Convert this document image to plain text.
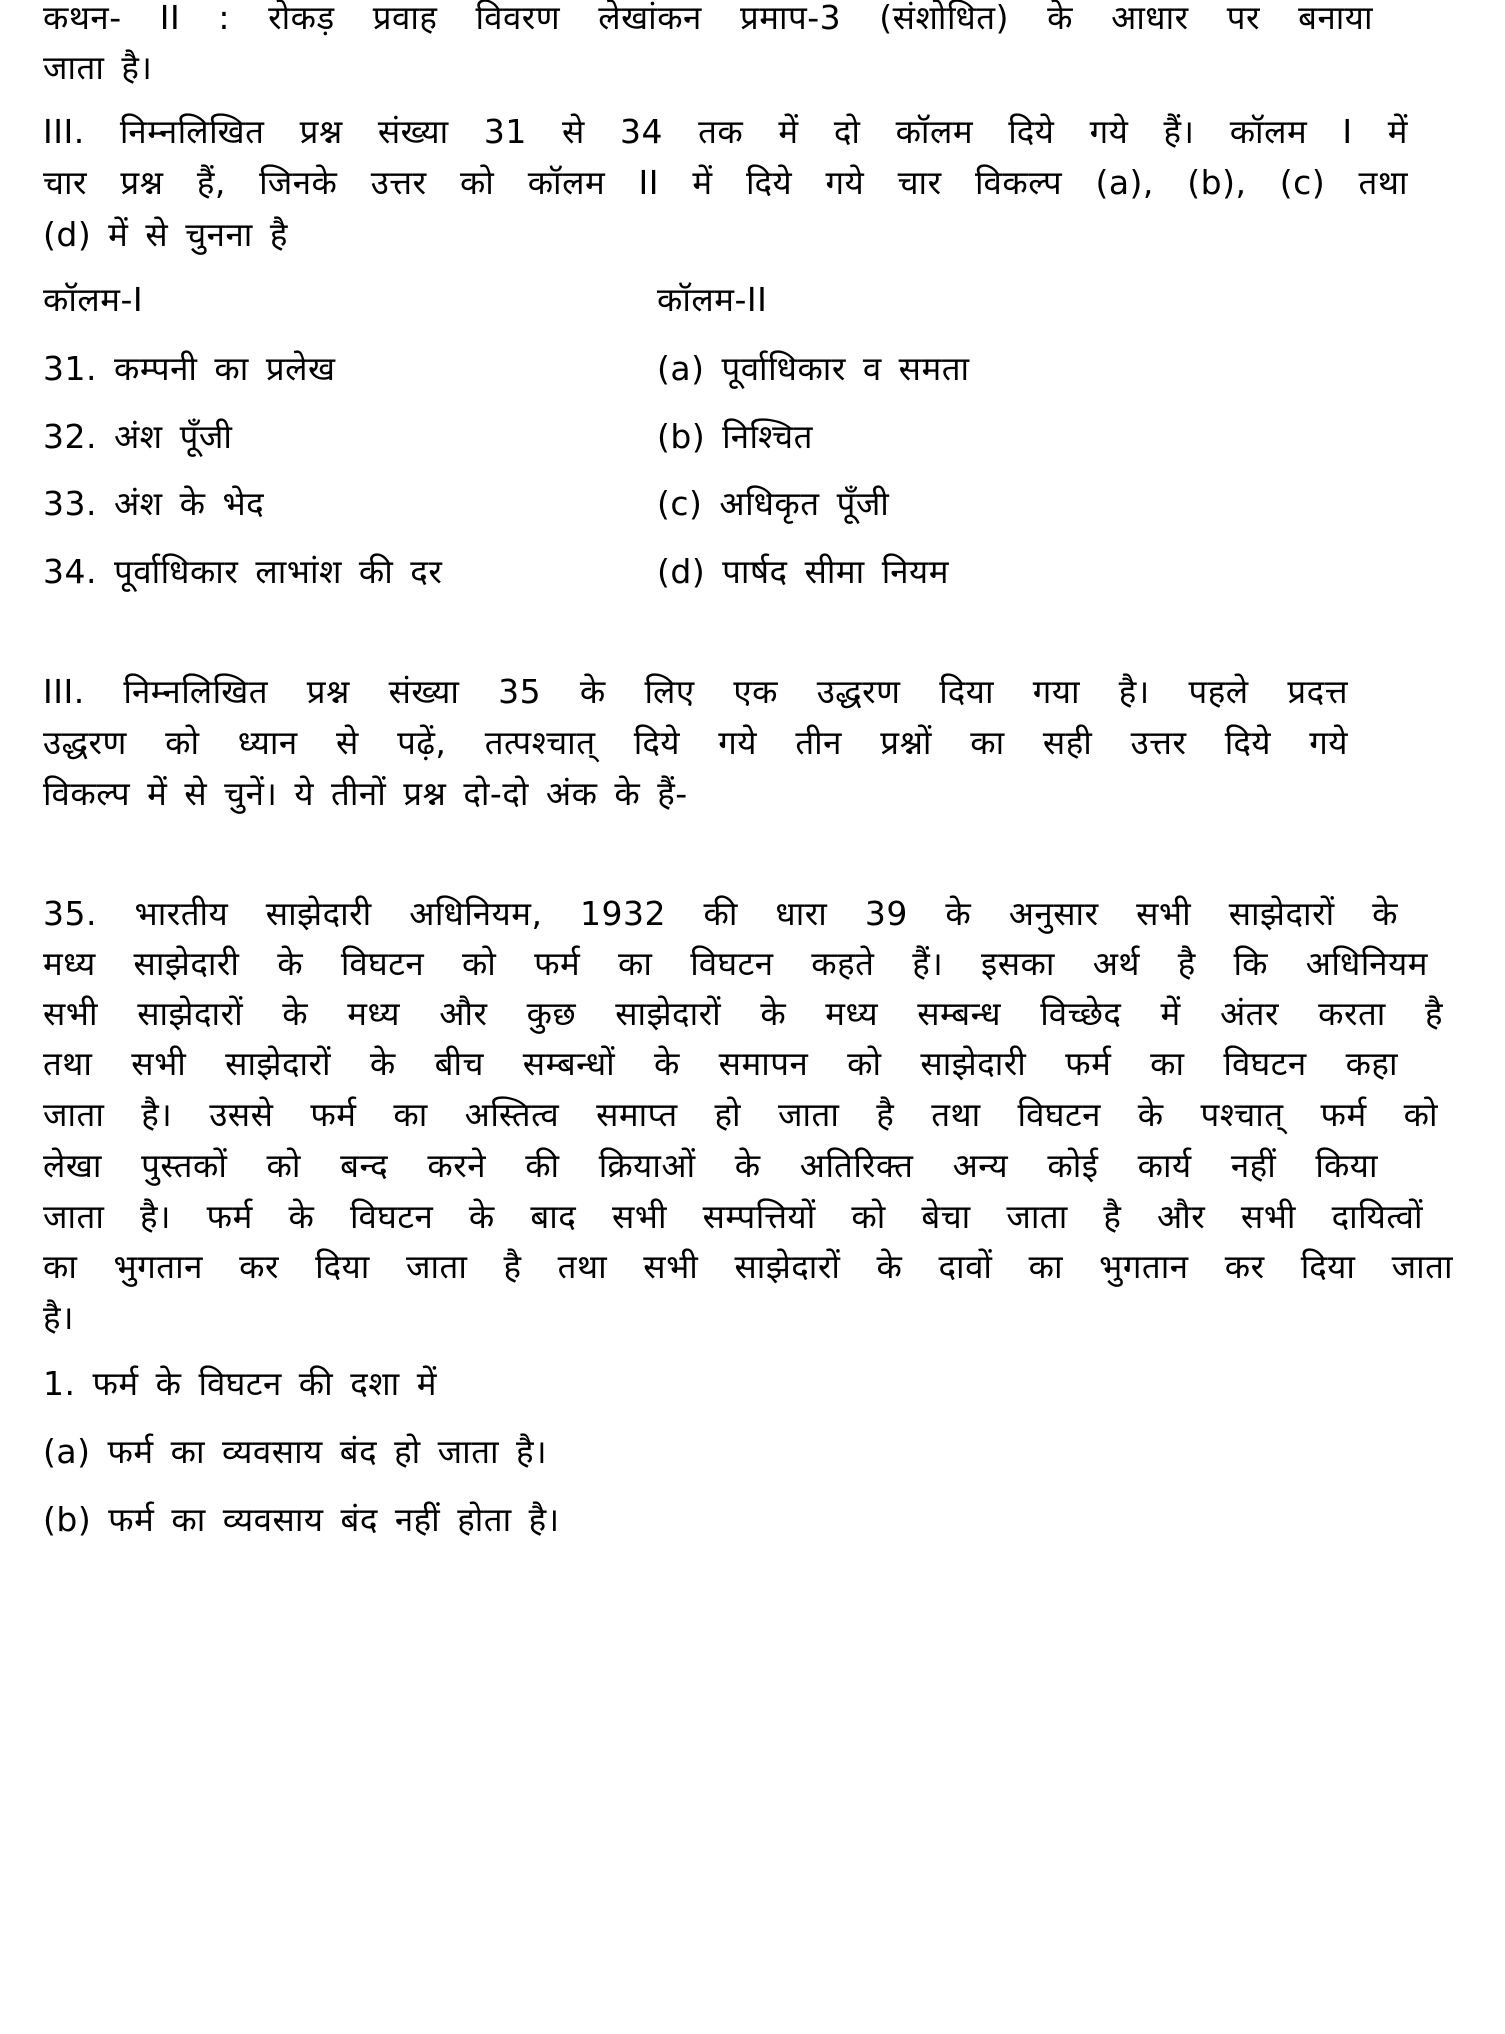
कथन- II : रोकड़ प्रवाह विवरण लेखांकन प्रमाप-3 (संशोधित) के आधार पर बनाया
जाता है।
III. निम्नलिखित प्रश्न संख्या 31 से 34 तक में दो कॉलम दिये गये हैं। कॉलम I में
चार प्रश्न हैं, जिनके उत्तर को कॉलम II में दिये गये चार विकल्प (a), (b), (c) तथा
(d) में से चुनना है
कॉलम-I	कॉलम-II
31. कम्पनी का प्रलेख	(a) पूर्वाधिकार व समता
32. अंश पूँजी	(b) निश्चित
33. अंश के भेद	(c) अधिकृत पूँजी
34. पूर्वाधिकार लाभांश की दर	(d) पार्षद सीमा नियम
III. निम्नलिखित प्रश्न संख्या 35 के लिए एक उद्धरण दिया गया है। पहले प्रदत्त
उद्धरण को ध्यान से पढ़ें, तत्पश्चात् दिये गये तीन प्रश्नों का सही उत्तर दिये गये
विकल्प में से चुनें। ये तीनों प्रश्न दो-दो अंक के हैं-
35. भारतीय साझेदारी अधिनियम, 1932 की धारा 39 के अनुसार सभी साझेदारों के
मध्य साझेदारी के विघटन को फर्म का विघटन कहते हैं। इसका अर्थ है कि अधिनियम
सभी साझेदारों के मध्य और कुछ साझेदारों के मध्य सम्बन्ध विच्छेद में अंतर करता है
तथा सभी साझेदारों के बीच सम्बन्धों के समापन को साझेदारी फर्म का विघटन कहा
जाता है। उससे फर्म का अस्तित्व समाप्त हो जाता है तथा विघटन के पश्चात् फर्म को
लेखा पुस्तकों को बन्द करने की क्रियाओं के अतिरिक्त अन्य कोई कार्य नहीं किया
जाता है। फर्म के विघटन के बाद सभी सम्पत्तियों को बेचा जाता है और सभी दायित्वों
का भुगतान कर दिया जाता है तथा सभी साझेदारों के दावों का भुगतान कर दिया जाता
है।
1. फर्म के विघटन की दशा में
(a) फर्म का व्यवसाय बंद हो जाता है।
(b) फर्म का व्यवसाय बंद नहीं होता है।
